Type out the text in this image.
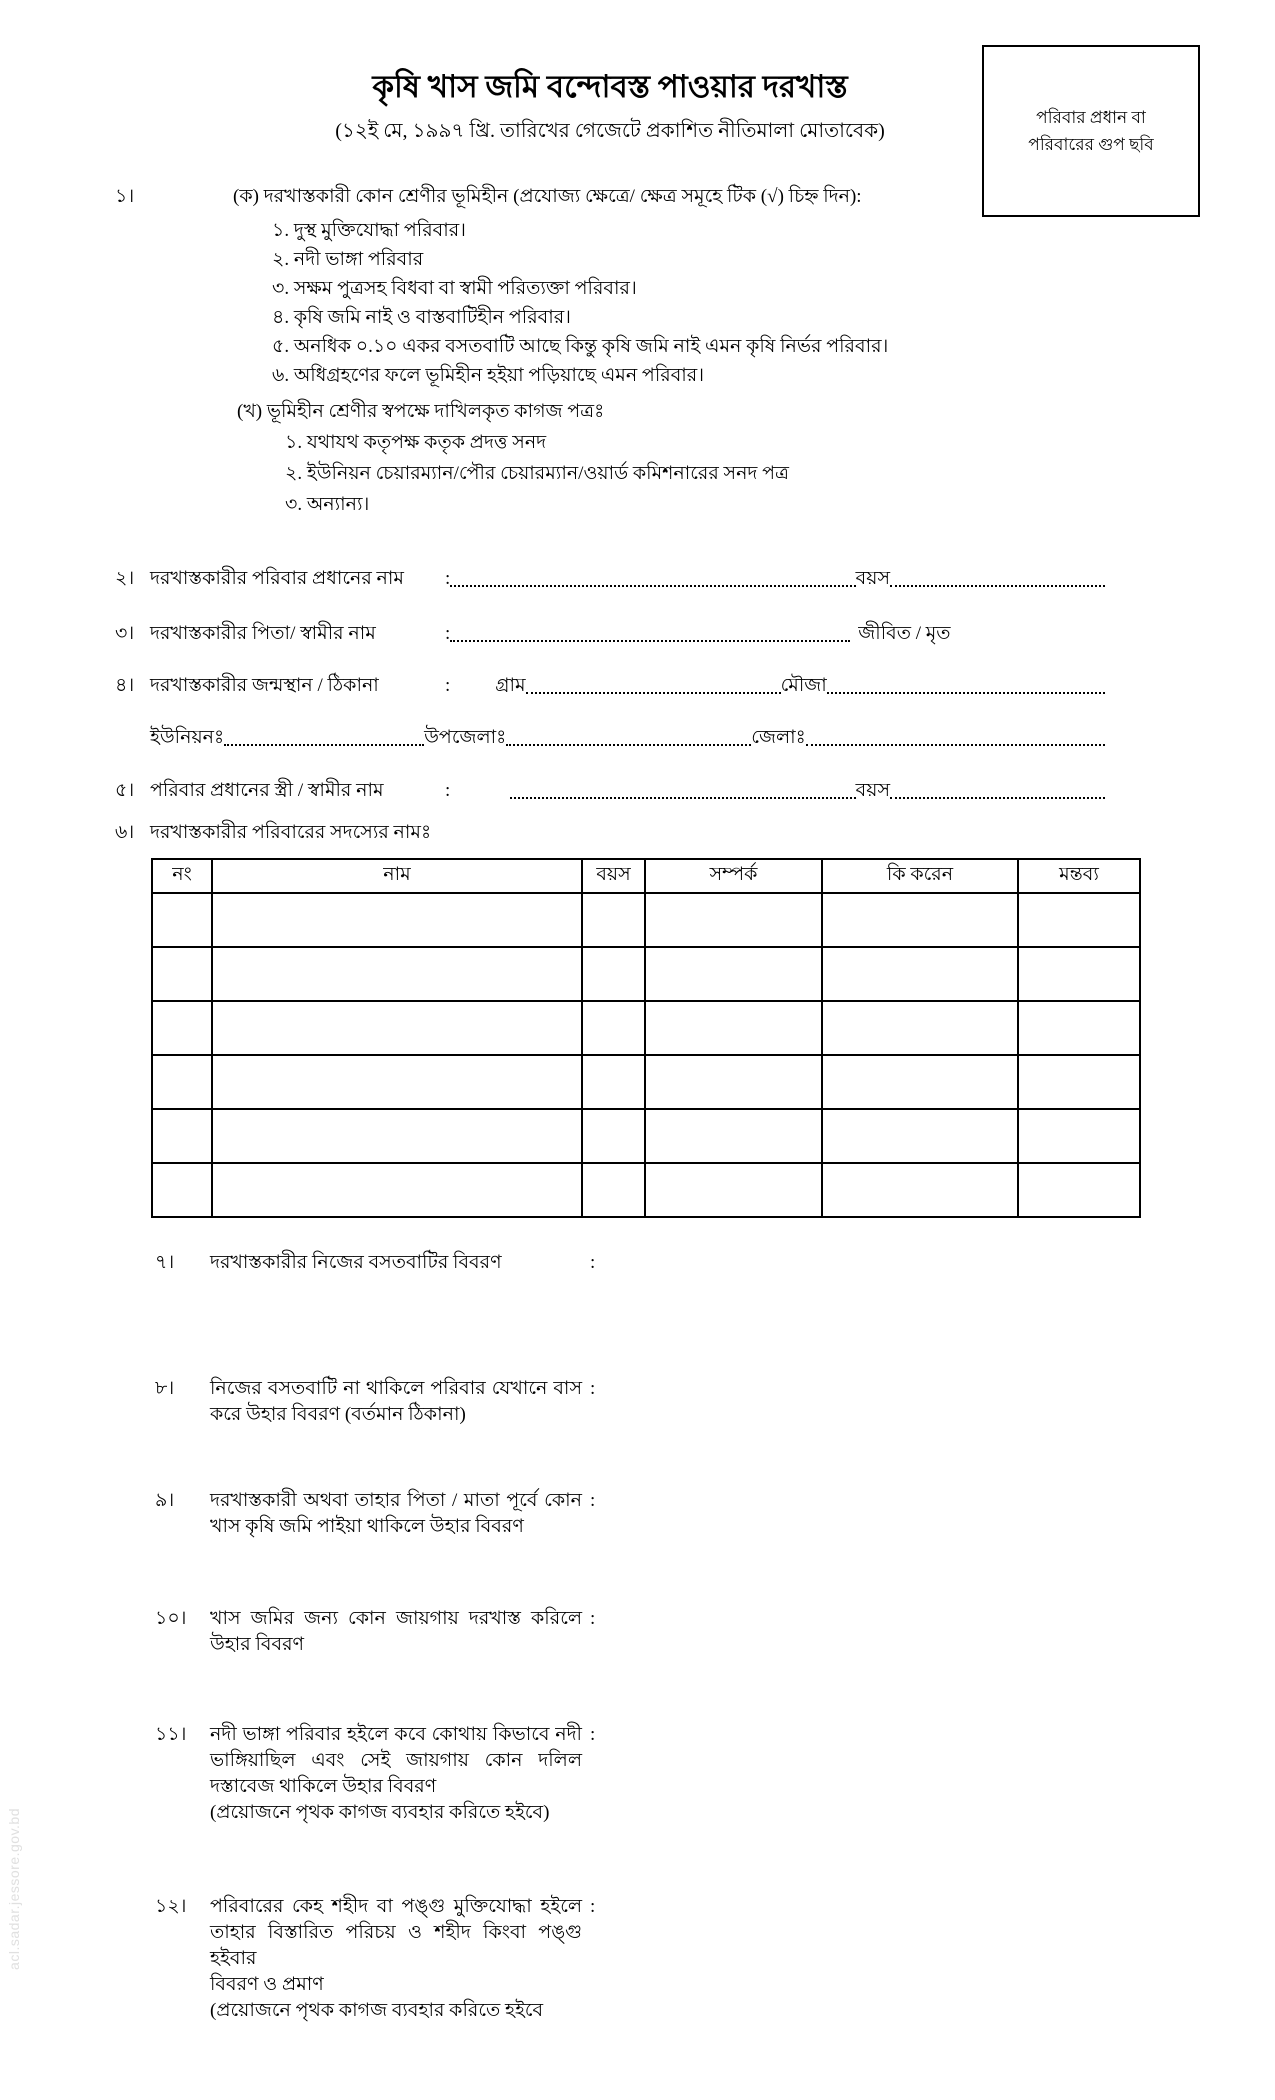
acl.sadar.jessore.gov.bd
পরিবার প্রধান বা
পরিবারের গুপ ছবি
কৃষি খাস জমি বন্দোবস্ত পাওয়ার দরখাস্ত
(১২ই মে, ১৯৯৭ খ্রি. তারিখের গেজেটে প্রকাশিত নীতিমালা মোতাবেক)
১।	(ক) দরখাস্তকারী কোন শ্রেণীর ভূমিহীন (প্রযোজ্য ক্ষেত্রে/ ক্ষেত্র সমূহে টিক (√) চিহ্ন দিন):
১. দুস্থ মুক্তিযোদ্ধা পরিবার।
২. নদী ভাঙ্গা পরিবার
৩. সক্ষম পুত্রসহ বিধবা বা স্বামী পরিত্যক্তা পরিবার।
৪. কৃষি জমি নাই ও বাস্তবাটিহীন পরিবার।
৫. অনধিক ০.১০ একর বসতবাটি আছে কিন্তু কৃষি জমি নাই এমন কৃষি নির্ভর পরিবার।
৬. অধিগ্রহণের ফলে ভূমিহীন হইয়া পড়িয়াছে এমন পরিবার।
(খ) ভূমিহীন শ্রেণীর স্বপক্ষে দাখিলকৃত কাগজ পত্রঃ
১. যথাযথ কতৃপক্ষ কতৃক প্রদত্ত সনদ
২. ইউনিয়ন চেয়ারম্যান/পৌর চেয়ারম্যান/ওয়ার্ড কমিশনারের সনদ পত্র
৩. অন্যান্য।
২। দরখাস্তকারীর পরিবার প্রধানের নাম	:	বয়স
৩। দরখাস্তকারীর পিতা/ স্বামীর নাম	:	জীবিত / মৃত
৪। দরখাস্তকারীর জন্মস্থান / ঠিকানা	: গ্রাম	মৌজা
ইউনিয়নঃ	উপজেলাঃ	জেলাঃ
৫। পরিবার প্রধানের স্ত্রী / স্বামীর নাম	:	বয়স
৬। দরখাস্তকারীর পরিবারের সদস্যের নামঃ
নং	নাম	বয়স	সম্পর্ক	কি করেন	মন্তব্য

৭।	দরখাস্তকারীর নিজের বসতবাটির বিবরণ	:
৮।	নিজের বসতবাটি না থাকিলে পরিবার যেখানে বাস
করে উহার বিবরণ (বর্তমান ঠিকানা)
:
৯।	দরখাস্তকারী অথবা তাহার পিতা / মাতা পূর্বে কোন
খাস কৃষি জমি পাইয়া থাকিলে উহার বিবরণ
:
১০।	খাস জমির জন্য কোন জায়গায় দরখাস্ত করিলে
উহার বিবরণ
:
১১।	নদী ভাঙ্গা পরিবার হইলে কবে কোথায় কিভাবে নদী
ভাঙ্গিয়াছিল এবং সেই জায়গায় কোন দলিল
দস্তাবেজ থাকিলে উহার বিবরণ
(প্রয়োজনে পৃথক কাগজ ব্যবহার করিতে হইবে)
:
১২।	পরিবারের কেহ শহীদ বা পঙ্গু মুক্তিযোদ্ধা হইলে
তাহার বিস্তারিত পরিচয় ও শহীদ কিংবা পঙ্গু হইবার
বিবরণ ও প্রমাণ
(প্রয়োজনে পৃথক কাগজ ব্যবহার করিতে হইবে
:
